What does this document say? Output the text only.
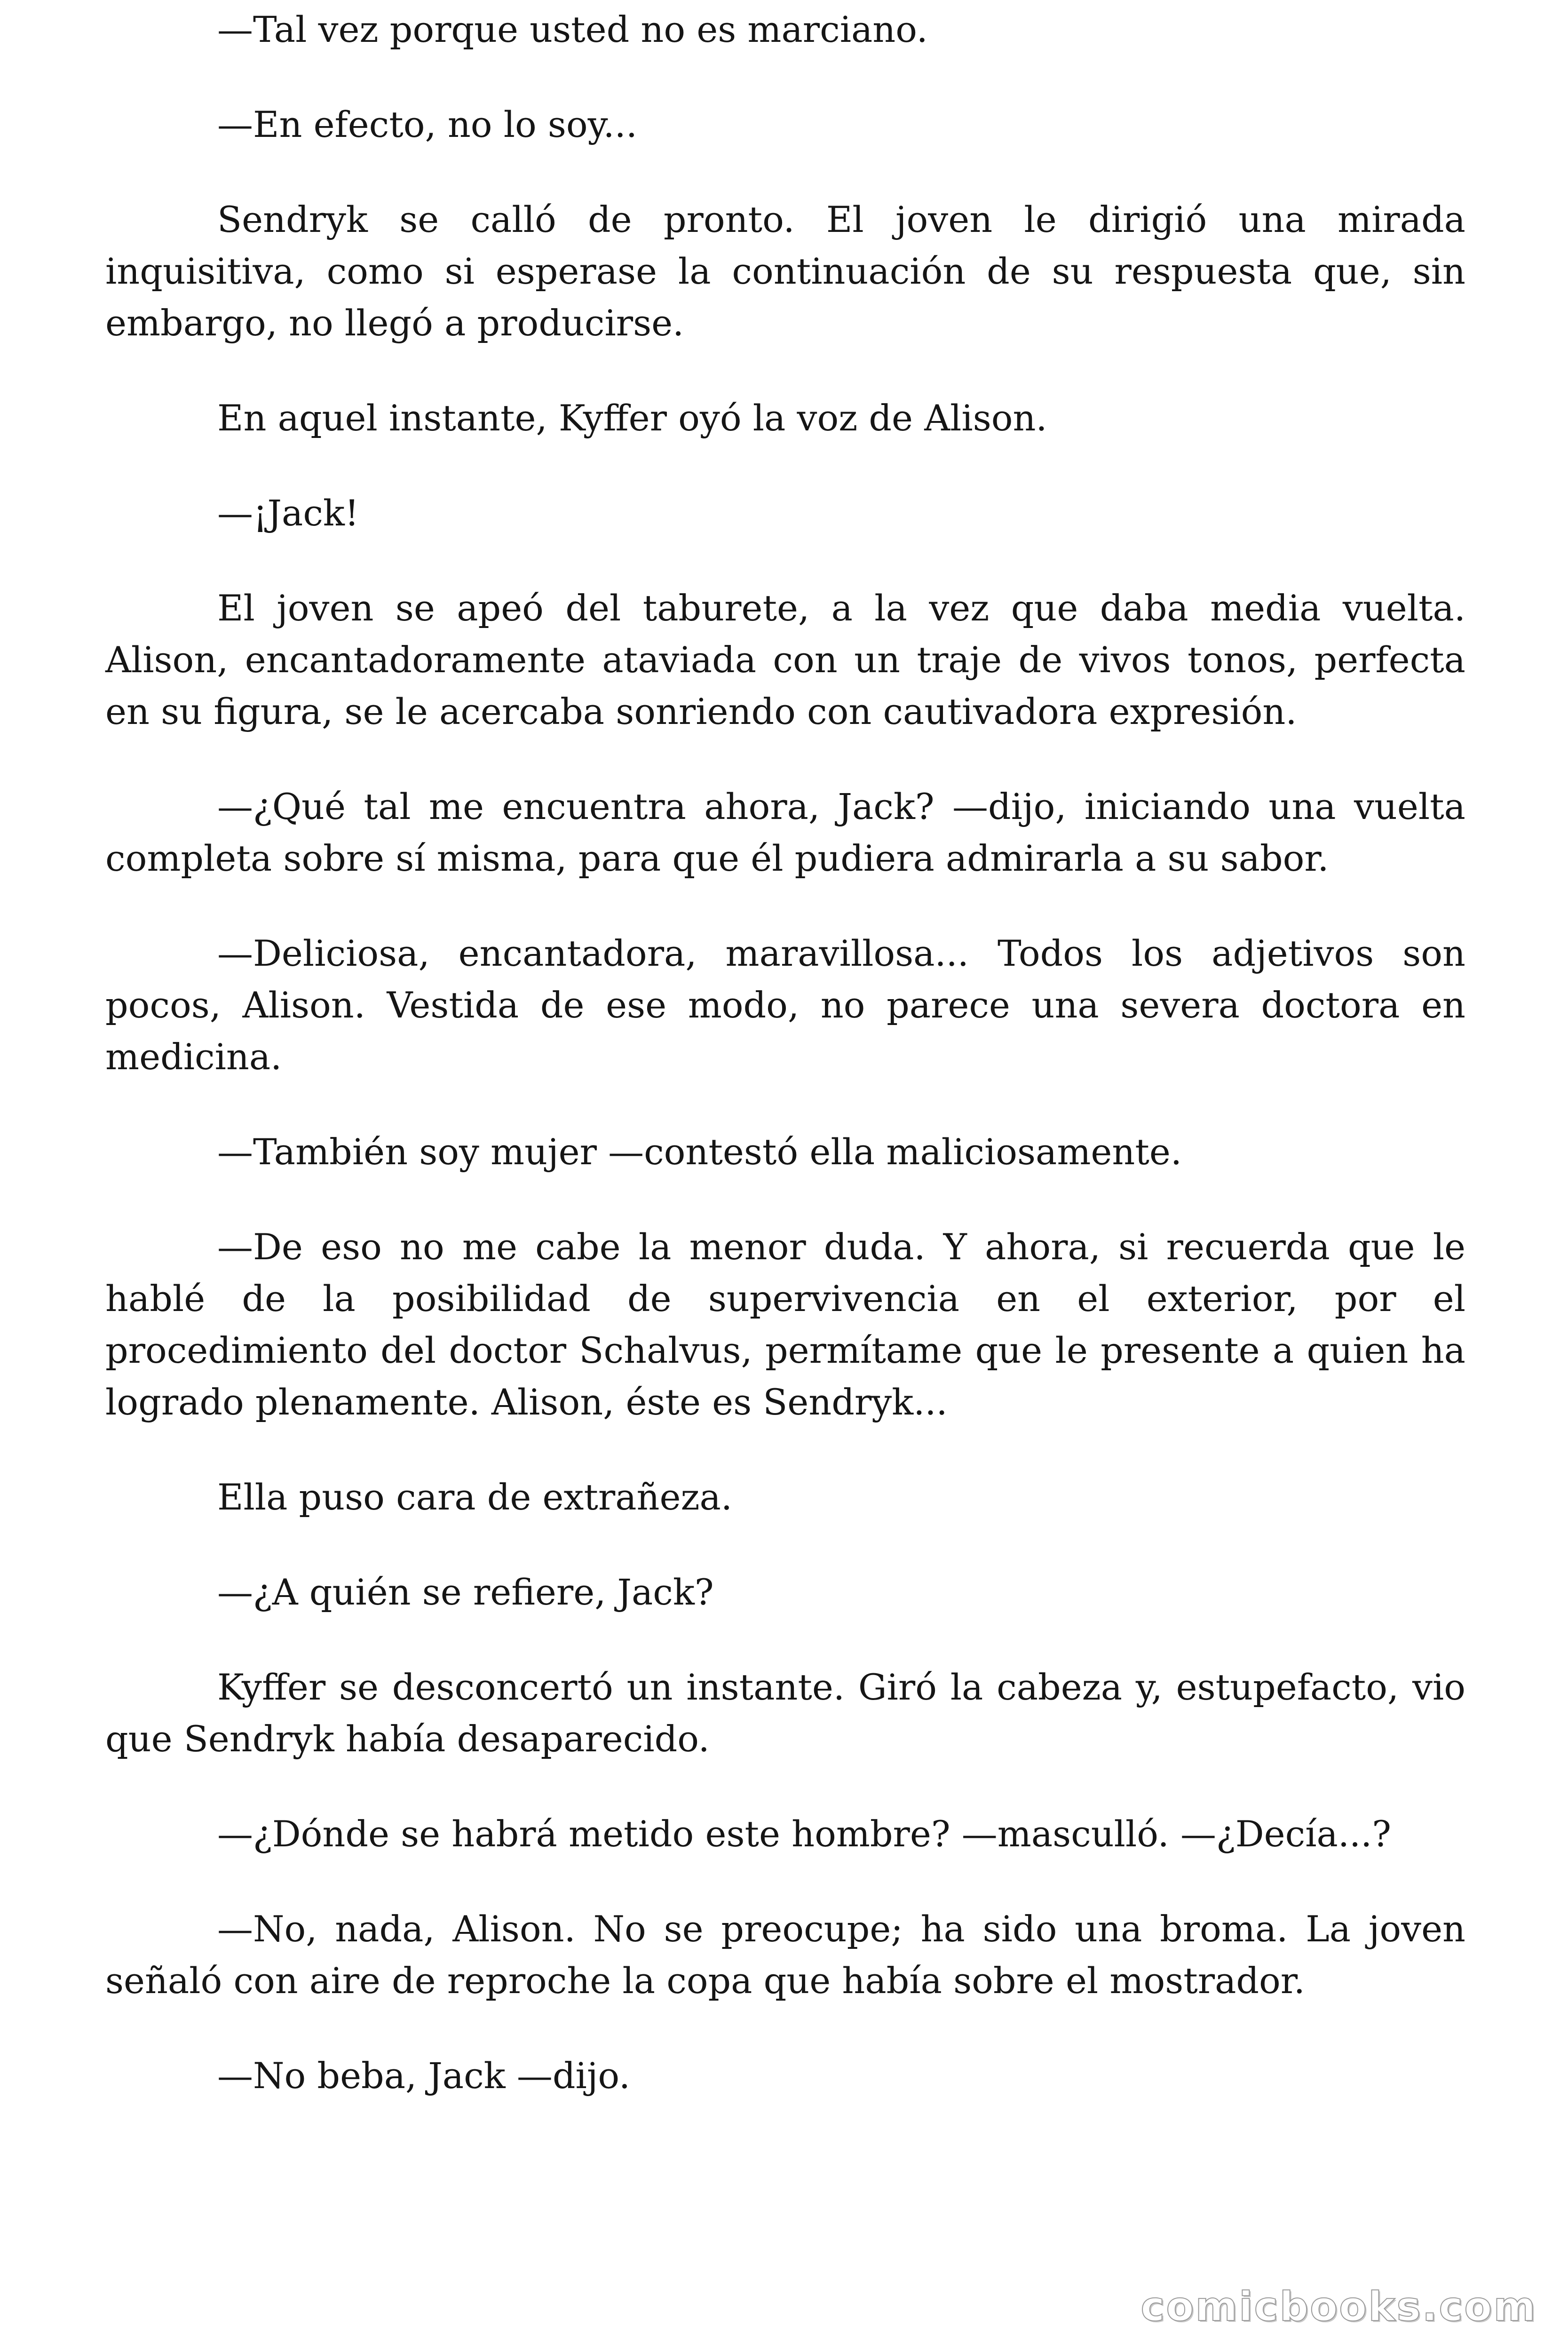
—Tal vez porque usted no es marciano.

—En efecto, no lo soy...

Sendryk se calló de pronto. El joven le dirigió una mirada inquisitiva, como si esperase la continuación de su respuesta que, sin embargo, no llegó a producirse.

En aquel instante, Kyffer oyó la voz de Alison.

—¡Jack!

El joven se apeó del taburete, a la vez que daba media vuelta. Alison, encantadoramente ataviada con un traje de vivos tonos, perfecta en su figura, se le acercaba sonriendo con cautivadora expresión.

—¿Qué tal me encuentra ahora, Jack? —dijo, iniciando una vuelta completa sobre sí misma, para que él pudiera admirarla a su sabor.

—Deliciosa, encantadora, maravillosa... Todos los adjetivos son pocos, Alison. Vestida de ese modo, no parece una severa doctora en medicina.

—También soy mujer —contestó ella maliciosamente.

—De eso no me cabe la menor duda. Y ahora, si recuerda que le hablé de la posibilidad de supervivencia en el exterior, por el procedimiento del doctor Schalvus, permítame que le presente a quien ha logrado plenamente. Alison, éste es Sendryk...

Ella puso cara de extrañeza.

—¿A quién se refiere, Jack?

Kyffer se desconcertó un instante. Giró la cabeza y, estupefacto, vio que Sendryk había desaparecido.

—¿Dónde se habrá metido este hombre? —masculló. —¿Decía...?

—No, nada, Alison. No se preocupe; ha sido una broma. La joven señaló con aire de reproche la copa que había sobre el mostrador.

—No beba, Jack —dijo.

comicbooks.com
